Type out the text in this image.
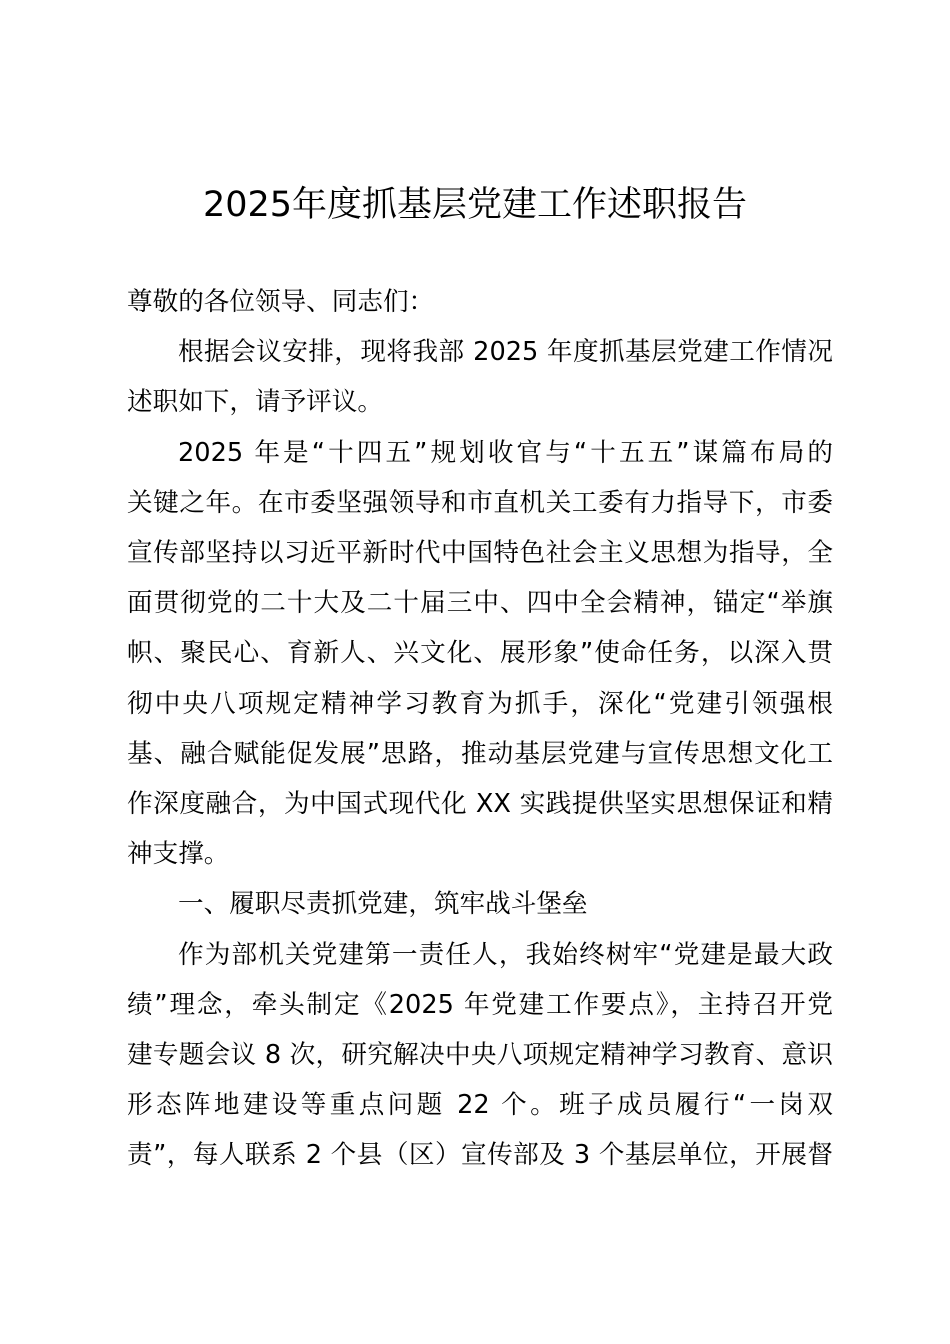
2025年度抓基层党建工作述职报告

尊敬的各位领导、同志们：

根据会议安排，现将我部 2025 年度抓基层党建工作情况
述职如下，请予评议。

2025 年是“十四五”规划收官与“十五五”谋篇布局的
关键之年。在市委坚强领导和市直机关工委有力指导下，市委
宣传部坚持以习近平新时代中国特色社会主义思想为指导，全
面贯彻党的二十大及二十届三中、四中全会精神，锚定“举旗
帜、聚民心、育新人、兴文化、展形象”使命任务，以深入贯
彻中央八项规定精神学习教育为抓手，深化“党建引领强根
基、融合赋能促发展”思路，推动基层党建与宣传思想文化工
作深度融合，为中国式现代化 XX 实践提供坚实思想保证和精
神支撑。

一、履职尽责抓党建，筑牢战斗堡垒

作为部机关党建第一责任人，我始终树牢“党建是最大政
绩”理念，牵头制定《2025 年党建工作要点》，主持召开党
建专题会议 8 次，研究解决中央八项规定精神学习教育、意识
形态阵地建设等重点问题 22 个。班子成员履行“一岗双
责”，每人联系 2 个县（区）宣传部及 3 个基层单位，开展督
